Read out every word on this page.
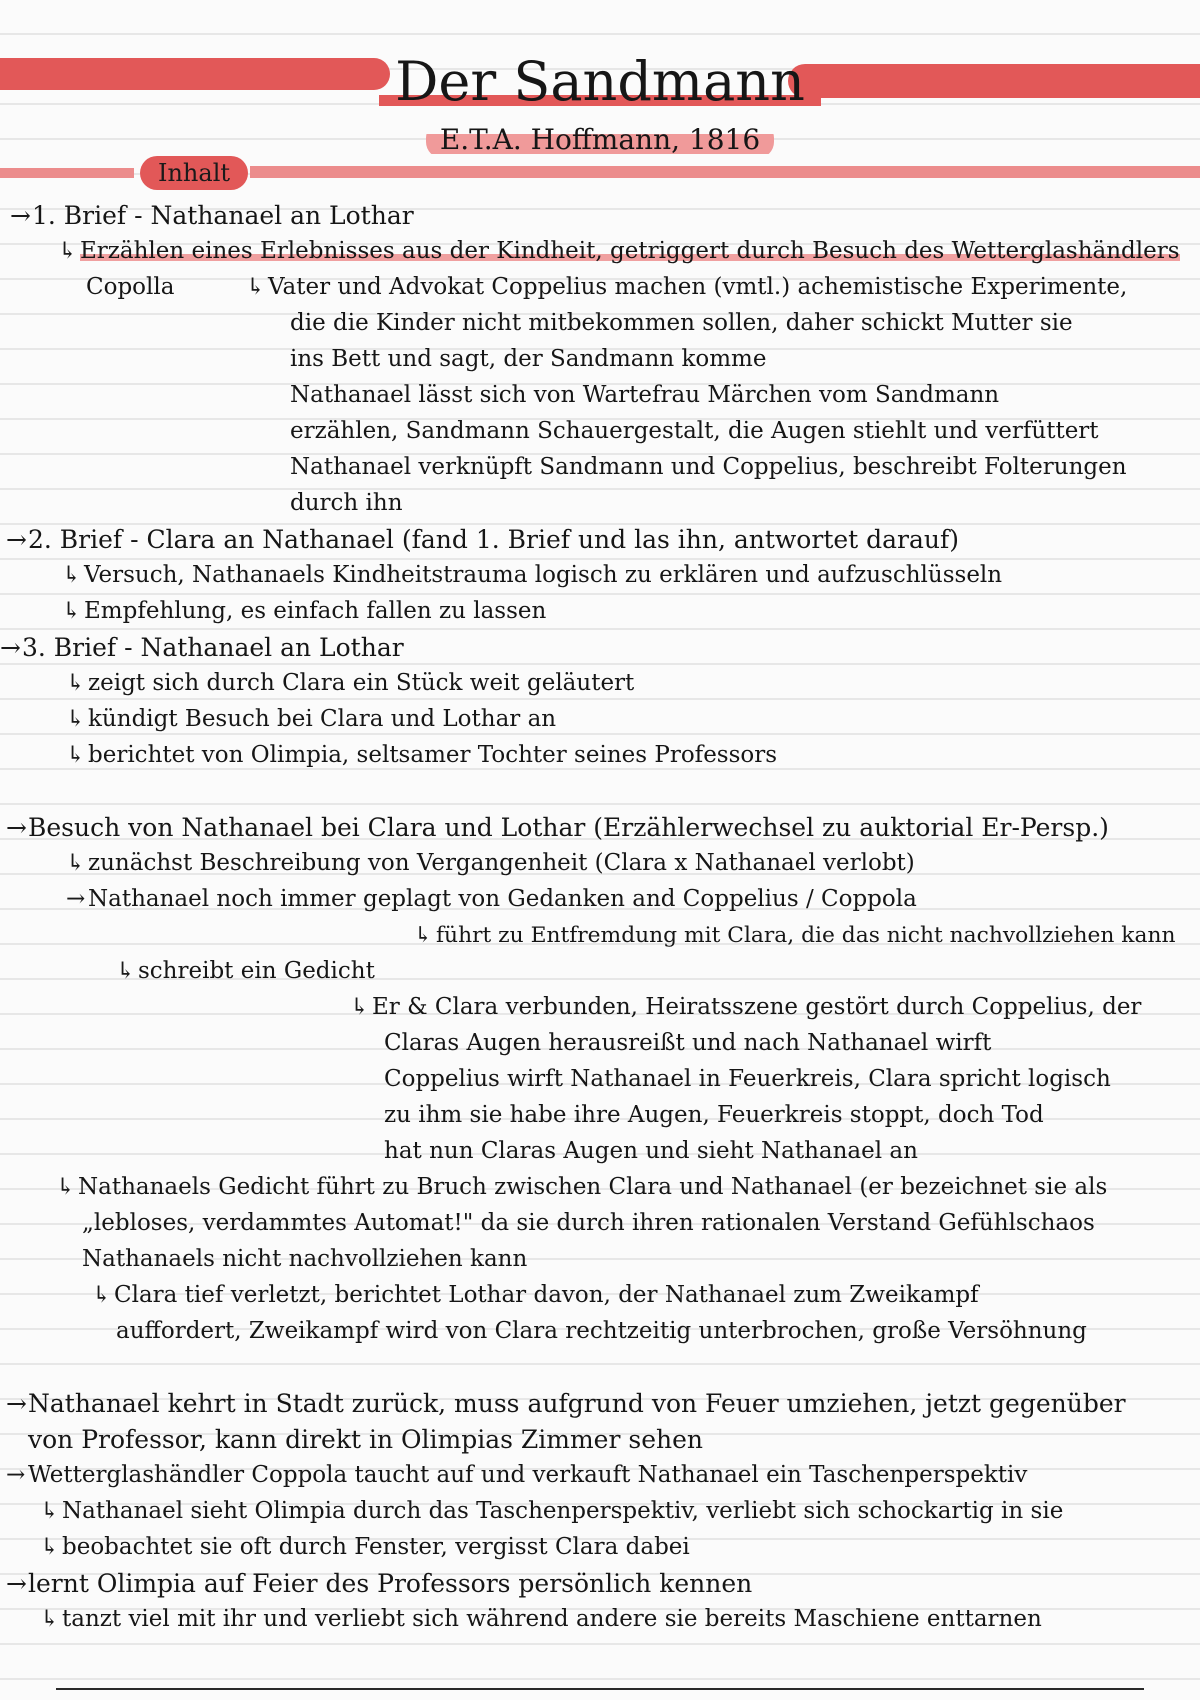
Der Sandmann
E.T.A. Hoffmann, 1816
Inhalt
→1. Brief - Nathanael an Lothar
↳ Erzählen eines Erlebnisses aus der Kindheit, getriggert durch Besuch des Wetterglashändlers
Copolla	↳ Vater und Advokat Coppelius machen (vmtl.) achemistische Experimente,
die die Kinder nicht mitbekommen sollen, daher schickt Mutter sie
ins Bett und sagt, der Sandmann komme
Nathanael lässt sich von Wartefrau Märchen vom Sandmann
erzählen, Sandmann Schauergestalt, die Augen stiehlt und verfüttert
Nathanael verknüpft Sandmann und Coppelius, beschreibt Folterungen
durch ihn
→2. Brief - Clara an Nathanael (fand 1. Brief und las ihn, antwortet darauf)
↳ Versuch, Nathanaels Kindheitstrauma logisch zu erklären und aufzuschlüsseln
↳ Empfehlung, es einfach fallen zu lassen
→3. Brief - Nathanael an Lothar
↳ zeigt sich durch Clara ein Stück weit geläutert
↳ kündigt Besuch bei Clara und Lothar an
↳ berichtet von Olimpia, seltsamer Tochter seines Professors
→Besuch von Nathanael bei Clara und Lothar (Erzählerwechsel zu auktorial Er-Persp.)
↳ zunächst Beschreibung von Vergangenheit (Clara x Nathanael verlobt)
→ Nathanael noch immer geplagt von Gedanken and Coppelius / Coppola
↳ führt zu Entfremdung mit Clara, die das nicht nachvollziehen kann
↳ schreibt ein Gedicht
↳ Er & Clara verbunden, Heiratsszene gestört durch Coppelius, der
Claras Augen herausreißt und nach Nathanael wirft
Coppelius wirft Nathanael in Feuerkreis, Clara spricht logisch
zu ihm sie habe ihre Augen, Feuerkreis stoppt, doch Tod
hat nun Claras Augen und sieht Nathanael an
↳ Nathanaels Gedicht führt zu Bruch zwischen Clara und Nathanael (er bezeichnet sie als
„lebloses, verdammtes Automat!" da sie durch ihren rationalen Verstand Gefühlschaos
Nathanaels nicht nachvollziehen kann
↳ Clara tief verletzt, berichtet Lothar davon, der Nathanael zum Zweikampf
auffordert, Zweikampf wird von Clara rechtzeitig unterbrochen, große Versöhnung
→Nathanael kehrt in Stadt zurück, muss aufgrund von Feuer umziehen, jetzt gegenüber
von Professor, kann direkt in Olimpias Zimmer sehen
→ Wetterglashändler Coppola taucht auf und verkauft Nathanael ein Taschenperspektiv
↳ Nathanael sieht Olimpia durch das Taschenperspektiv, verliebt sich schockartig in sie
↳ beobachtet sie oft durch Fenster, vergisst Clara dabei
→lernt Olimpia auf Feier des Professors persönlich kennen
↳ tanzt viel mit ihr und verliebt sich während andere sie bereits Maschiene enttarnen
